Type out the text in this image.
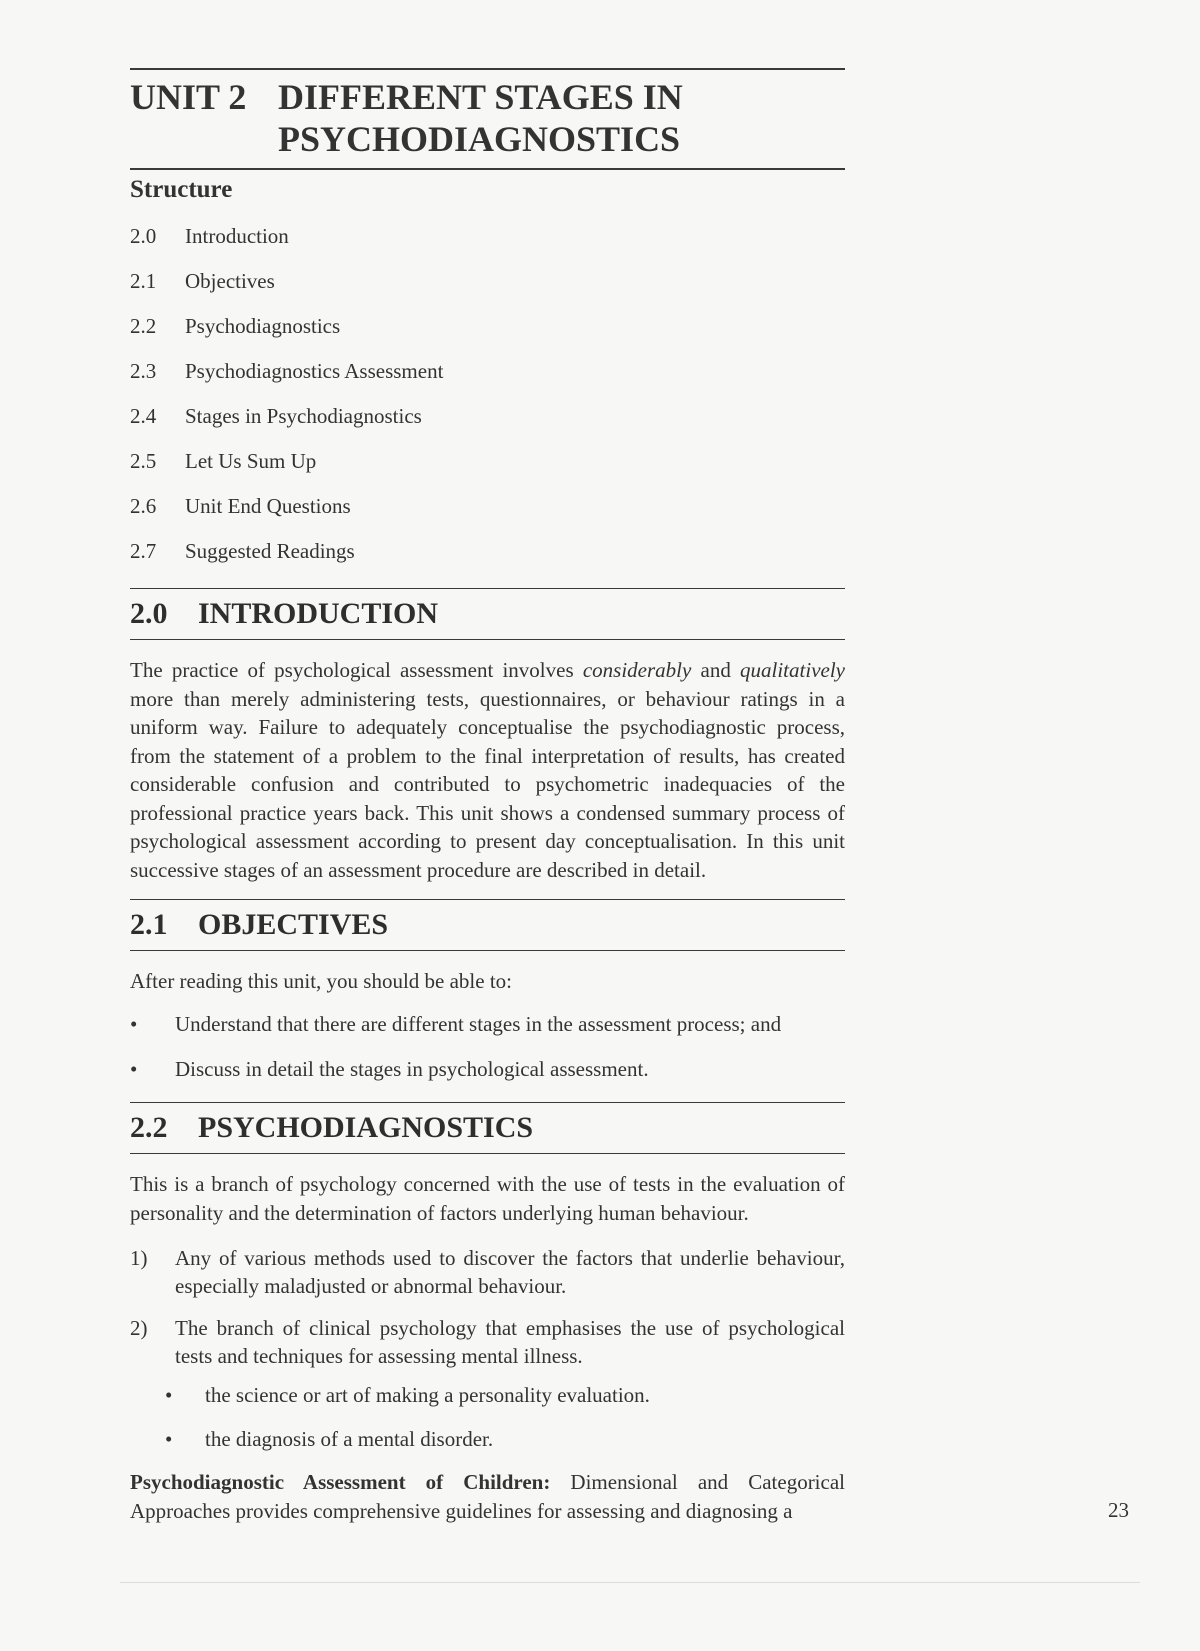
UNIT 2 DIFFERENT STAGES IN
PSYCHODIAGNOSTICS
Structure
2.0	Introduction
2.1	Objectives
2.2	Psychodiagnostics
2.3	Psychodiagnostics Assessment
2.4	Stages in Psychodiagnostics
2.5	Let Us Sum Up
2.6	Unit End Questions
2.7	Suggested Readings
2.0	INTRODUCTION
The practice of psychological assessment involves considerably and qualitatively more than merely administering tests, questionnaires, or behaviour ratings in a uniform way. Failure to adequately conceptualise the psychodiagnostic process, from the statement of a problem to the final interpretation of results, has created considerable confusion and contributed to psychometric inadequacies of the professional practice years back. This unit shows a condensed summary process of psychological assessment according to present day conceptualisation. In this unit successive stages of an assessment procedure are described in detail.
2.1	OBJECTIVES
After reading this unit, you should be able to:
•	Understand that there are different stages in the assessment process; and
•	Discuss in detail the stages in psychological assessment.
2.2	PSYCHODIAGNOSTICS
This is a branch of psychology concerned with the use of tests in the evaluation of personality and the determination of factors underlying human behaviour.
1)	Any of various methods used to discover the factors that underlie behaviour, especially maladjusted or abnormal behaviour.
2)	The branch of clinical psychology that emphasises the use of psychological tests and techniques for assessing mental illness.
•	the science or art of making a personality evaluation.
•	the diagnosis of a mental disorder.
Psychodiagnostic Assessment of Children: Dimensional and Categorical Approaches provides comprehensive guidelines for assessing and diagnosing a	23
